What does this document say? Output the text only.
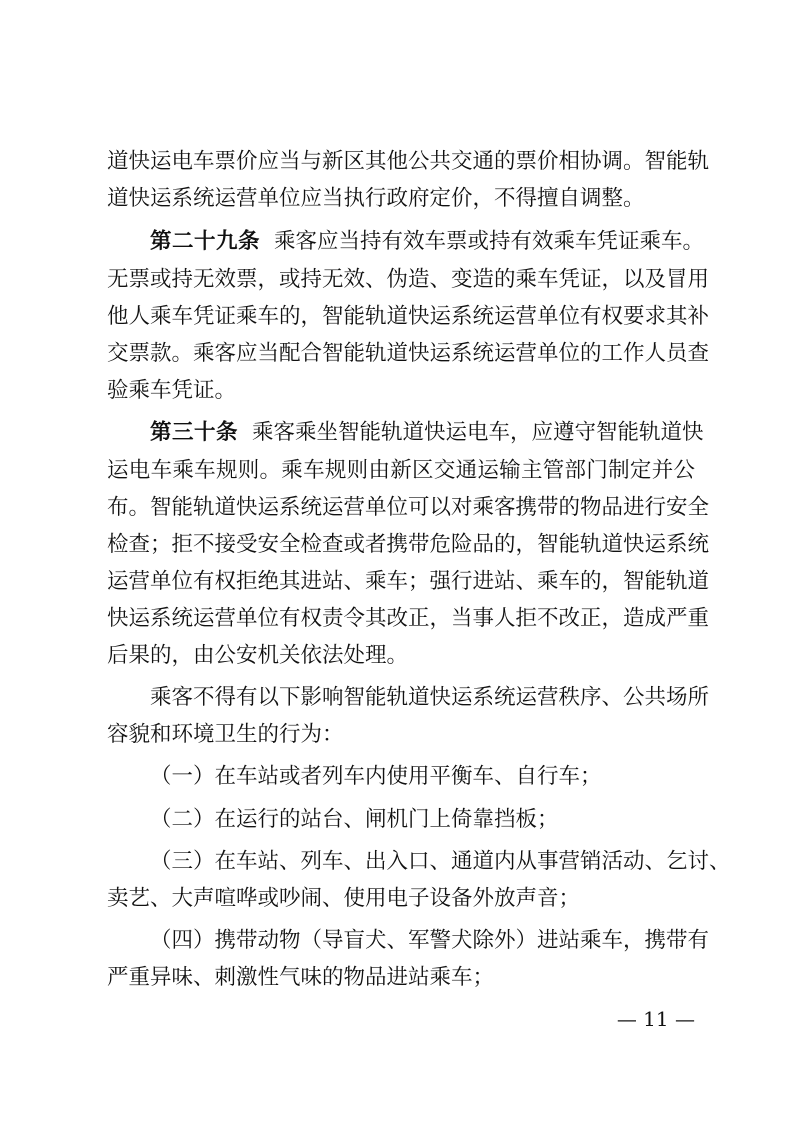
道快运电车票价应当与新区其他公共交通的票价相协调。智能轨
道快运系统运营单位应当执行政府定价，不得擅自调整。
第二十九条 乘客应当持有效车票或持有效乘车凭证乘车。
无票或持无效票，或持无效、伪造、变造的乘车凭证，以及冒用
他人乘车凭证乘车的，智能轨道快运系统运营单位有权要求其补
交票款。乘客应当配合智能轨道快运系统运营单位的工作人员查
验乘车凭证。
第三十条 乘客乘坐智能轨道快运电车，应遵守智能轨道快
运电车乘车规则。乘车规则由新区交通运输主管部门制定并公
布。智能轨道快运系统运营单位可以对乘客携带的物品进行安全
检查；拒不接受安全检查或者携带危险品的，智能轨道快运系统
运营单位有权拒绝其进站、乘车；强行进站、乘车的，智能轨道
快运系统运营单位有权责令其改正，当事人拒不改正，造成严重
后果的，由公安机关依法处理。
乘客不得有以下影响智能轨道快运系统运营秩序、公共场所
容貌和环境卫生的行为：
（一）在车站或者列车内使用平衡车、自行车；
（二）在运行的站台、闸机门上倚靠挡板；
（三）在车站、列车、出入口、通道内从事营销活动、乞讨、
卖艺、大声喧哗或吵闹、使用电子设备外放声音；
（四）携带动物（导盲犬、军警犬除外）进站乘车，携带有
严重异味、刺激性气味的物品进站乘车；
— 11 —
